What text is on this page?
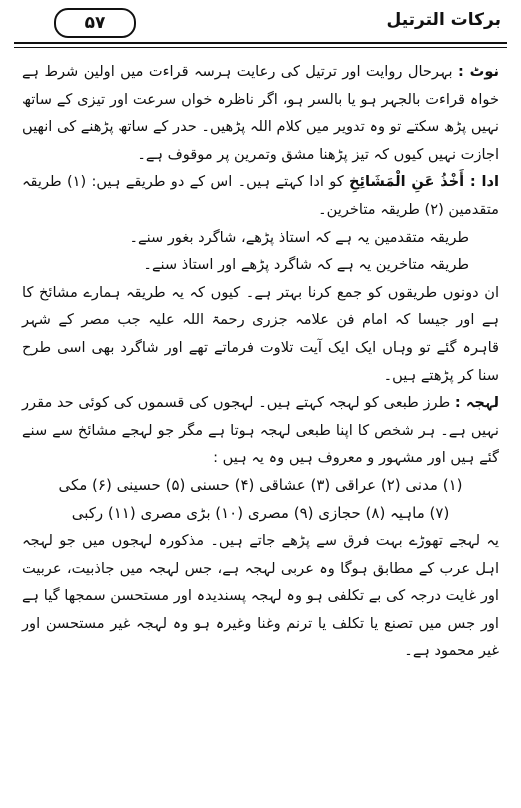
برکات الترتیل
۵۷

نوٹ : بہرحال روایت اور ترتیل کی رعایت ہرسہ قراءت میں اولین شرط ہے خواہ قراءت بالجہر ہو یا بالسر ہو، اگر ناظرہ خواں سرعت اور تیزی کے ساتھ نہیں پڑھ سکتے تو وہ تدویر میں کلام اللہ پڑھیں۔ حدر کے ساتھ پڑھنے کی انھیں اجازت نہیں کیوں کہ تیز پڑھنا مشق وتمرین پر موقوف ہے۔

ادا : أَخْذُ عَنِ الْمَشَائِخِ کو ادا کہتے ہیں۔ اس کے دو طریقے ہیں: (۱) طریقہ متقدمین (۲) طریقہ متاخرین۔

طریقہ متقدمین یہ ہے کہ استاذ پڑھے، شاگرد بغور سنے۔

طریقہ متاخرین یہ ہے کہ شاگرد پڑھے اور استاذ سنے۔

ان دونوں طریقوں کو جمع کرنا بہتر ہے۔ کیوں کہ یہ طریقہ ہمارے مشائخ کا ہے اور جیسا کہ امام فن علامہ جزری رحمۃ اللہ علیہ جب مصر کے شہر قاہرہ گئے تو وہاں ایک ایک آیت تلاوت فرماتے تھے اور شاگرد بھی اسی طرح سنا کر پڑھتے ہیں۔

لہجہ : طرز طبعی کو لہجہ کہتے ہیں۔ لہجوں کی قسموں کی کوئی حد مقرر نہیں ہے۔ ہر شخص کا اپنا طبعی لہجہ ہوتا ہے مگر جو لہجے مشائخ سے سنے گئے ہیں اور مشہور و معروف ہیں وہ یہ ہیں :

(۱) مدنی (۲) عراقی (۳) عشاقی (۴) حسنی (۵) حسینی (۶) مکی

(۷) ماہیہ (۸) حجازی (۹) مصری (۱۰) بڑی مصری (۱۱) رکبی

یہ لہجے تھوڑے بہت فرق سے پڑھے جاتے ہیں۔ مذکورہ لہجوں میں جو لہجہ اہل عرب کے مطابق ہوگا وہ عربی لہجہ ہے، جس لہجہ میں جاذبیت، عربیت اور غایت درجہ کی بے تکلفی ہو وہ لہجہ پسندیدہ اور مستحسن سمجھا گیا ہے اور جس میں تصنع یا تکلف یا ترنم وغنا وغیرہ ہو وہ لہجہ غیر مستحسن اور غیر محمود ہے۔
